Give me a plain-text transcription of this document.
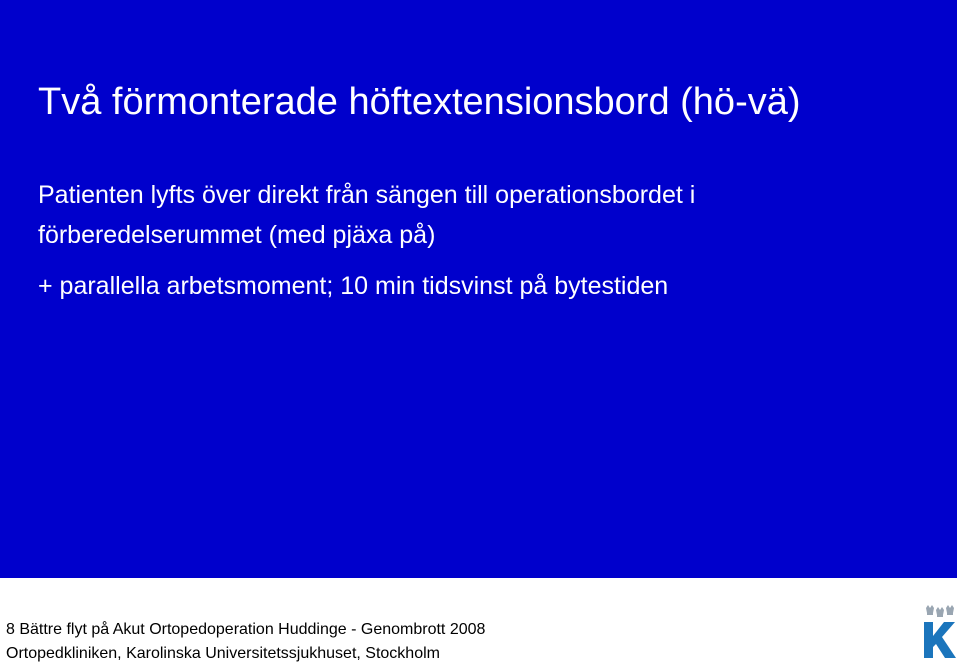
Två förmonterade höftextensionsbord (hö-vä)

Patienten lyfts över direkt från sängen till operationsbordet i

förberedelserummet (med pjäxa på)

+ parallella arbetsmoment; 10 min tidsvinst på bytestiden

8 Bättre flyt på Akut Ortopedoperation Huddinge - Genombrott 2008

Ortopedkliniken, Karolinska Universitetssjukhuset, Stockholm
